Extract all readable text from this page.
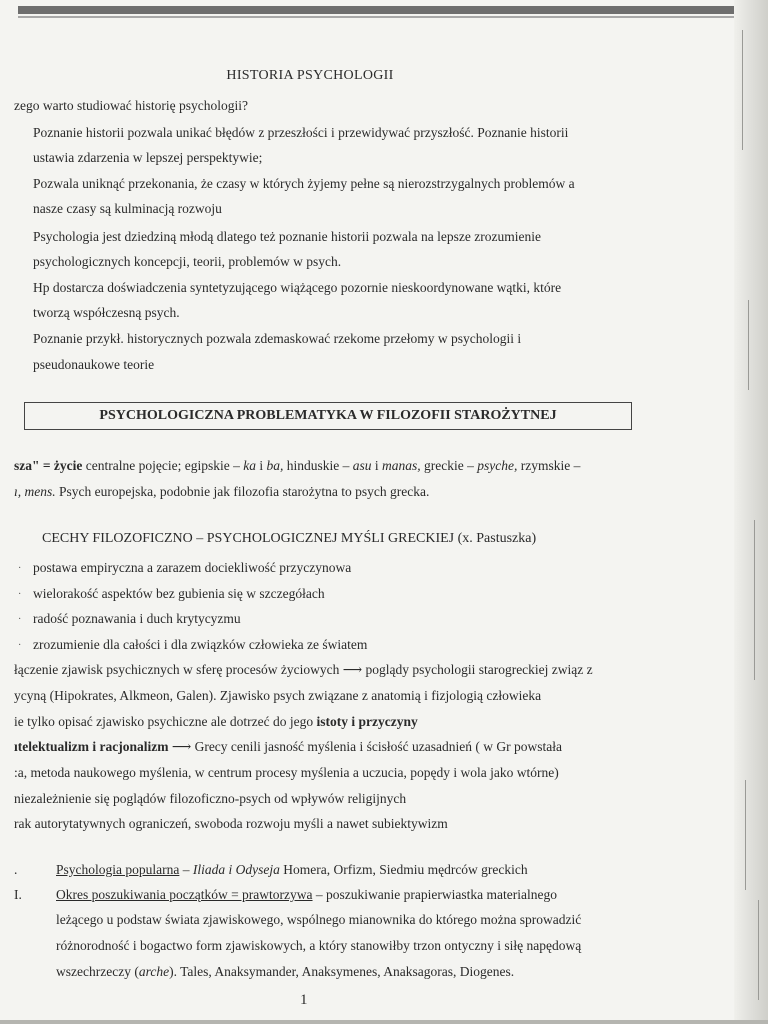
HISTORIA PSYCHOLOGII
zego warto studiować historię psychologii?
Poznanie historii pozwala unikać błędów z przeszłości i przewidywać przyszłość. Poznanie historii
ustawia zdarzenia w lepszej perspektywie;
Pozwala uniknąć przekonania, że czasy w których żyjemy pełne są nierozstrzygalnych problemów a
nasze czasy są kulminacją rozwoju
Psychologia jest dziedziną młodą dlatego też poznanie historii pozwala na lepsze zrozumienie
psychologicznych koncepcji, teorii, problemów w psych.
Hp dostarcza doświadczenia syntetyzującego wiążącego pozornie nieskoordynowane wątki, które
tworzą współczesną psych.
Poznanie przykł. historycznych pozwala zdemaskować rzekome przełomy w psychologii i
pseudonaukowe teorie
PSYCHOLOGICZNA PROBLEMATYKA W FILOZOFII STAROŻYTNEJ
sza" = życie centralne pojęcie; egipskie – ka i ba, hinduskie – asu i manas, greckie – psyche, rzymskie –
ı, mens. Psych europejska, podobnie jak filozofia starożytna to psych grecka.
CECHY FILOZOFICZNO – PSYCHOLOGICZNEJ MYŚLI GRECKIEJ (x. Pastuszka)
· postawa empiryczna a zarazem dociekliwość przyczynowa
· wielorakość aspektów bez gubienia się w szczegółach
· radość poznawania i duch krytycyzmu
· zrozumienie dla całości i dla związków człowieka ze światem
łączenie zjawisk psychicznych w sferę procesów życiowych ⟶ poglądy psychologii starogreckiej związ z
ycyną (Hipokrates, Alkmeon, Galen). Zjawisko psych związane z anatomią i fizjologią człowieka
ie tylko opisać zjawisko psychiczne ale dotrzeć do jego istoty i przyczyny
ıtelektualizm i racjonalizm ⟶ Grecy cenili jasność myślenia i ścisłość uzasadnień ( w Gr powstała
:a, metoda naukowego myślenia, w centrum procesy myślenia a uczucia, popędy i wola jako wtórne)
niezależnienie się poglądów filozoficzno-psych od wpływów religijnych
rak autorytatywnych ograniczeń, swoboda rozwoju myśli a nawet subiektywizm
.	Psychologia popularna – Iliada i Odyseja Homera, Orfizm, Siedmiu mędrców greckich
I.	Okres poszukiwania początków = prawtorzywa – poszukiwanie prapierwiastka materialnego
leżącego u podstaw świata zjawiskowego, wspólnego mianownika do którego można sprowadzić
różnorodność i bogactwo form zjawiskowych, a który stanowiłby trzon ontyczny i siłę napędową
wszechrzeczy (arche). Tales, Anaksymander, Anaksymenes, Anaksagoras, Diogenes.
1
